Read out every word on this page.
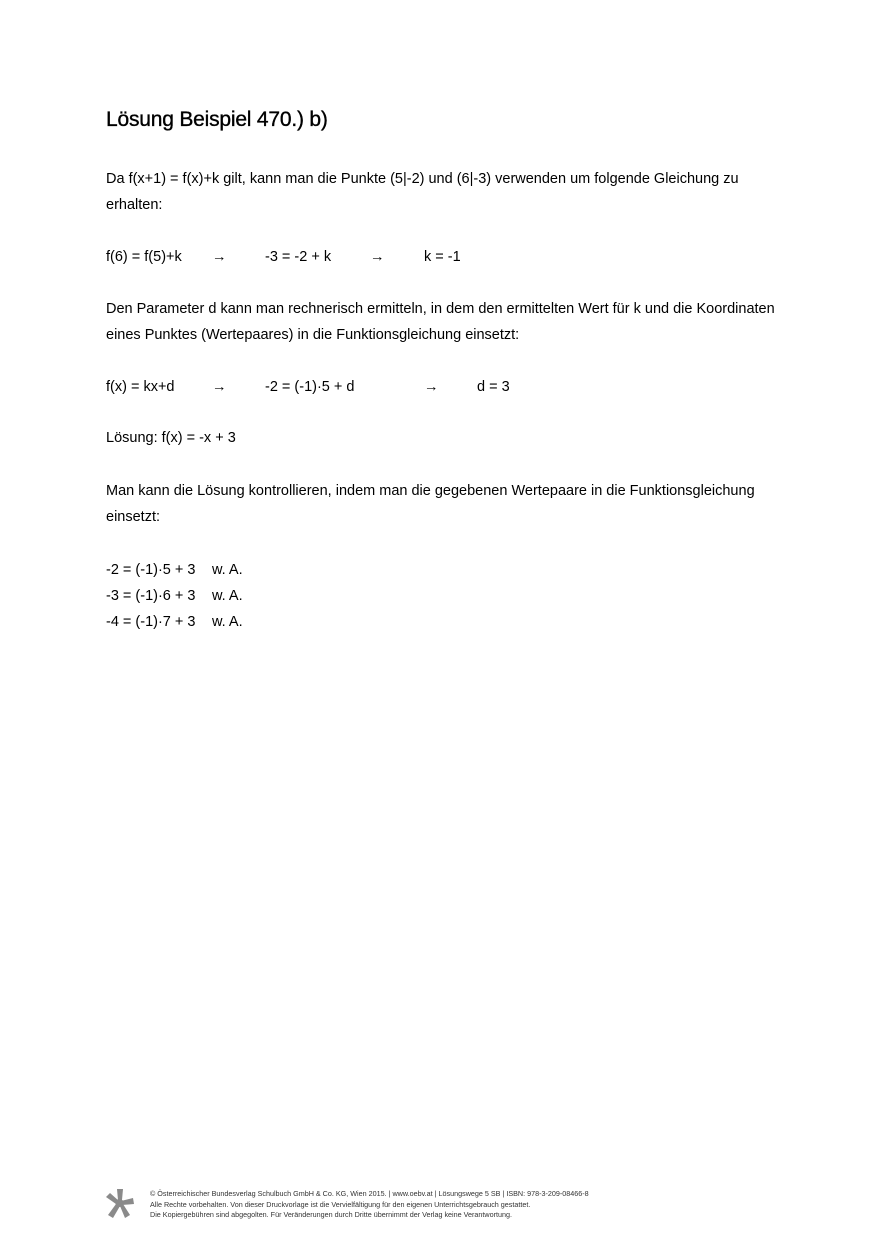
Lösung Beispiel 470.) b)

Da f(x+1) = f(x)+k gilt, kann man die Punkte (5|-2) und (6|-3) verwenden um folgende Gleichung zu
erhalten:

f(6) = f(5)+k →	-3 = -2 + k	→	k = -1

Den Parameter d kann man rechnerisch ermitteln, in dem den ermittelten Wert für k und die Koordinaten
eines Punktes (Wertepaares) in die Funktionsgleichung einsetzt:

f(x) = kx+d	→	-2 = (-1)·5 + d	→	d = 3

Lösung: f(x) = -x + 3

Man kann die Lösung kontrollieren, indem man die gegebenen Wertepaare in die Funktionsgleichung
einsetzt:

-2 = (-1)·5 + 3 w. A.
-3 = (-1)·6 + 3 w. A.
-4 = (-1)·7 + 3 w. A.
© Österreichischer Bundesverlag Schulbuch GmbH & Co. KG, Wien 2015. | www.oebv.at | Lösungswege 5 SB | ISBN: 978-3-209-08466-8
Alle Rechte vorbehalten. Von dieser Druckvorlage ist die Vervielfältigung für den eigenen Unterrichtsgebrauch gestattet.
Die Kopiergebühren sind abgegolten. Für Veränderungen durch Dritte übernimmt der Verlag keine Verantwortung.
